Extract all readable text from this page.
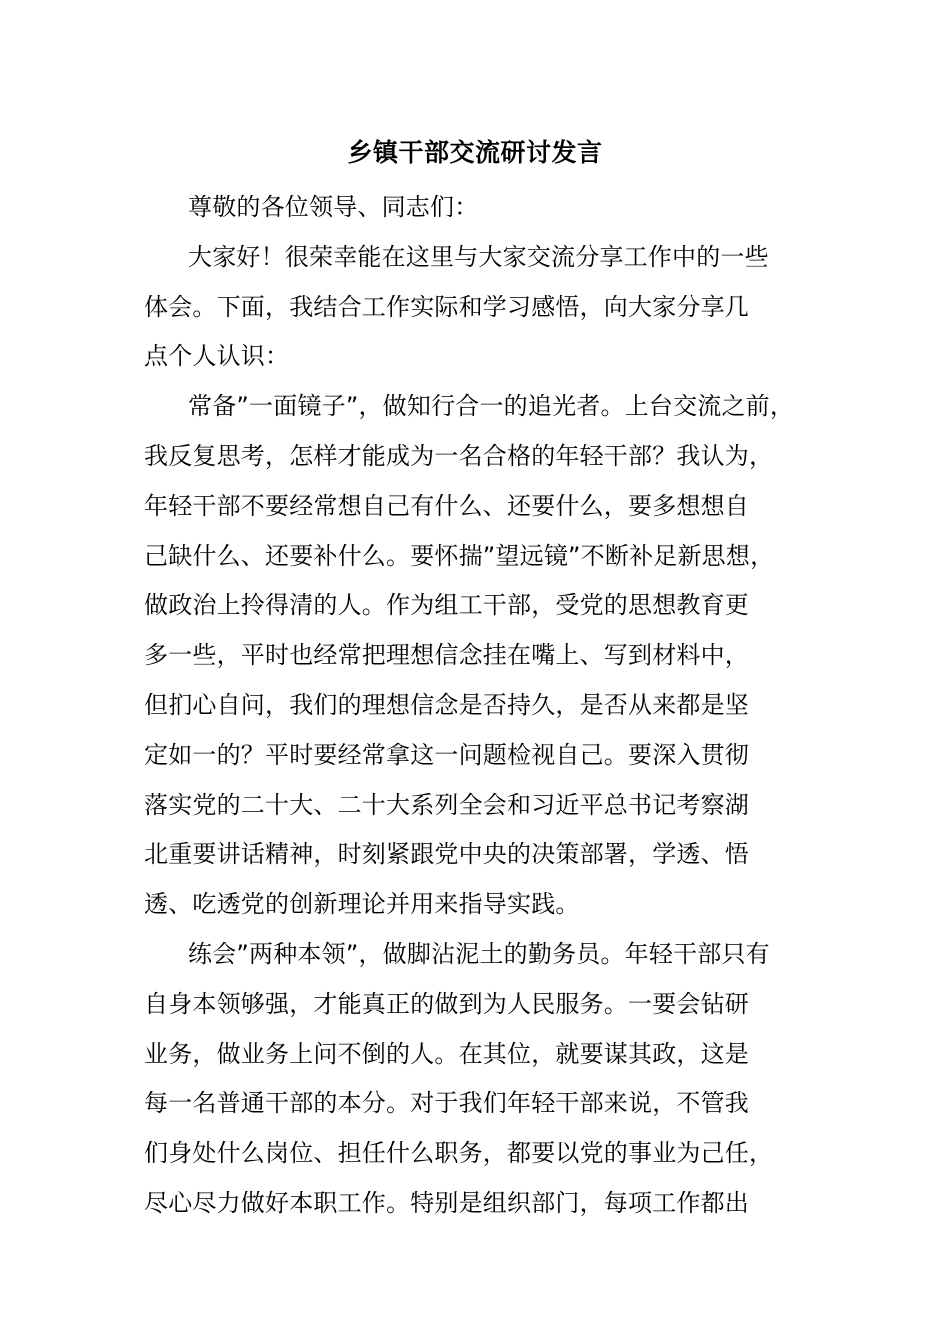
乡镇干部交流研讨发言
尊敬的各位领导、同志们：
大家好！很荣幸能在这里与大家交流分享工作中的一些
体会。下面，我结合工作实际和学习感悟，向大家分享几
点个人认识：
常备”一面镜子”，做知行合一的追光者。上台交流之前，
我反复思考，怎样才能成为一名合格的年轻干部？我认为，
年轻干部不要经常想自己有什么、还要什么，要多想想自
己缺什么、还要补什么。要怀揣”望远镜”不断补足新思想，
做政治上拎得清的人。作为组工干部，受党的思想教育更
多一些，平时也经常把理想信念挂在嘴上、写到材料中，
但扪心自问，我们的理想信念是否持久，是否从来都是坚
定如一的？平时要经常拿这一问题检视自己。要深入贯彻
落实党的二十大、二十大系列全会和习近平总书记考察湖
北重要讲话精神，时刻紧跟党中央的决策部署，学透、悟
透、吃透党的创新理论并用来指导实践。
练会”两种本领”，做脚沾泥土的勤务员。年轻干部只有
自身本领够强，才能真正的做到为人民服务。一要会钻研
业务，做业务上问不倒的人。在其位，就要谋其政，这是
每一名普通干部的本分。对于我们年轻干部来说，不管我
们身处什么岗位、担任什么职务，都要以党的事业为己任，
尽心尽力做好本职工作。特别是组织部门，每项工作都出
